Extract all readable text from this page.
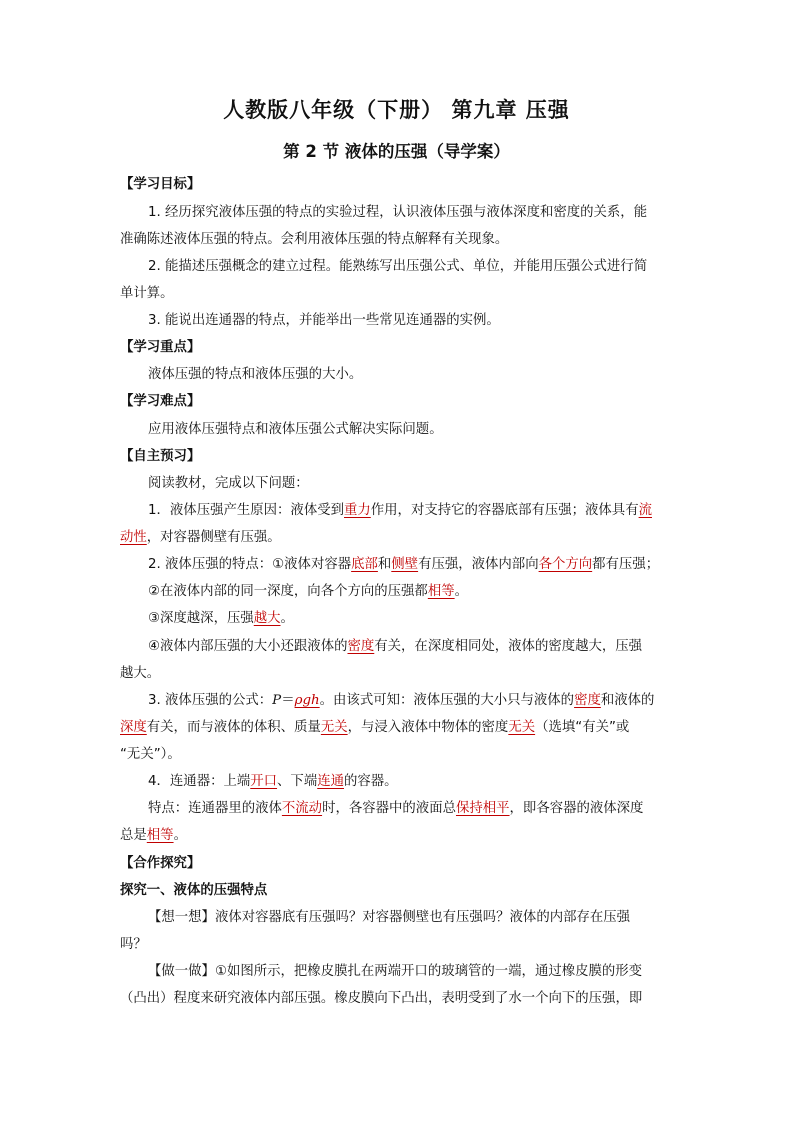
人教版八年级（下册） 第九章 压强
第 2 节 液体的压强（导学案）
【学习目标】
1. 经历探究液体压强的特点的实验过程，认识液体压强与液体深度和密度的关系，能
准确陈述液体压强的特点。会利用液体压强的特点解释有关现象。
2. 能描述压强概念的建立过程。能熟练写出压强公式、单位，并能用压强公式进行简
单计算。
3. 能说出连通器的特点，并能举出一些常见连通器的实例。
【学习重点】
液体压强的特点和液体压强的大小。
【学习难点】
应用液体压强特点和液体压强公式解决实际问题。
【自主预习】
阅读教材，完成以下问题：
1．液体压强产生原因：液体受到重力作用，对支持它的容器底部有压强；液体具有流
动性，对容器侧壁有压强。
2. 液体压强的特点：①液体对容器底部和侧壁有压强，液体内部向各个方向都有压强；
②在液体内部的同一深度，向各个方向的压强都相等。
③深度越深，压强越大。
④液体内部压强的大小还跟液体的密度有关，在深度相同处，液体的密度越大，压强
越大。
3. 液体压强的公式：P＝ρgh。由该式可知：液体压强的大小只与液体的密度和液体的
深度有关，而与液体的体积、质量无关，与浸入液体中物体的密度无关（选填“有关”或
“无关”）。
4．连通器：上端开口、下端连通的容器。
特点：连通器里的液体不流动时，各容器中的液面总保持相平，即各容器的液体深度
总是相等。
【合作探究】
探究一、液体的压强特点
【想一想】液体对容器底有压强吗？对容器侧壁也有压强吗？液体的内部存在压强
吗？
【做一做】①如图所示，把橡皮膜扎在两端开口的玻璃管的一端，通过橡皮膜的形变
（凸出）程度来研究液体内部压强。橡皮膜向下凸出，表明受到了水一个向下的压强，即
